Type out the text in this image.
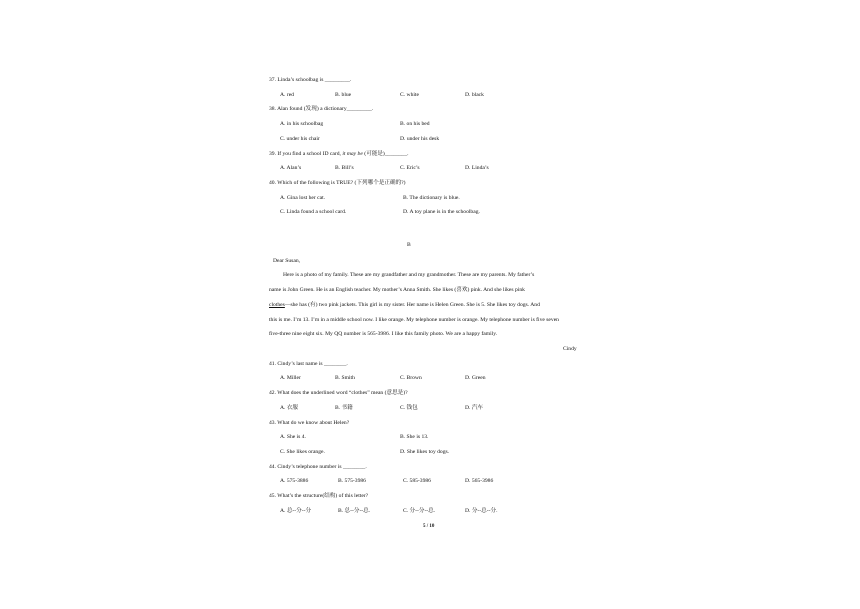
37. Linda’s schoolbag is _________.
A. red	B. blue	C. white	D. black
38. Alan found (发现) a dictionary_________.
A. in his schoolbag	B. on his bed
C. under his chair	D. under his desk
39. If you find a school ID card, it may be (可能是)________.
A. Alan’s	B. Bill’s	C. Eric’s	D. Linda’s
40. Which of the following is TRUE? (下列哪个是正确的?)
A. Gina lost her cat.	B. The dictionary is blue.
C. Linda found a school card.	D. A toy plane is in the schoolbag.
B
Dear Susan,
Here is a photo of my family. These are my grandfather and my grandmother. These are my parents. My father’s
name is John Green. He is an English teacher. My mother’s Anna Smith. She likes (喜欢) pink. And she likes pink
clothes—she has (有) two pink jackets. This girl is my sister. Her name is Helen Green. She is 5. She likes toy dogs. And
this is me. I’m 13. I’m in a middle school now. I like orange. My telephone number is orange. My telephone number is five seven
five-three nine eight six. My QQ number is 565-3986. I like this family photo. We are a happy family.
Cindy
41. Cindy’s last name is ________.
A. Miller	B. Smith	C. Brown	D. Green
42. What does the underlined word “clothes” mean (意思是)?
A. 衣服	B. 书籍	C. 钱包	D. 汽车
43. What do we know about Helen?
A. She is 4.	B. She is 13.
C. She likes orange.	D. She likes toy dogs.
44. Cindy’s telephone number is ________.
A. 575-3886	B. 575-3986	C. 585-3986	D. 565-3986
45. What’s the structure(结构) of this letter?
A. 总--分--分	B. 总--分--总.	C. 分--分--总.	D. 分--总--分.
5 / 10
